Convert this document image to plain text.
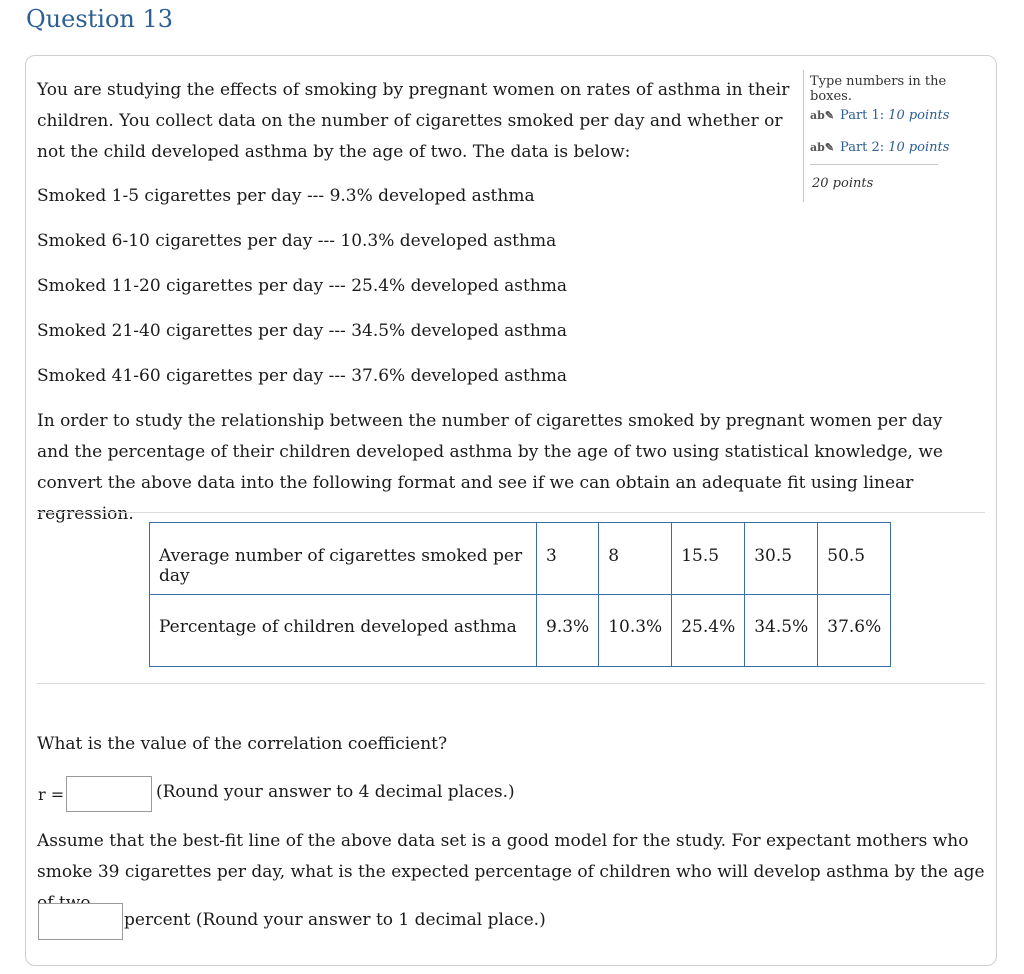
Question 13
You are studying the effects of smoking by pregnant women on rates of asthma in their children. You collect data on the number of cigarettes smoked per day and whether or not the child developed asthma by the age of two. The data is below:
Smoked 1-5 cigarettes per day --- 9.3% developed asthma
Smoked 6-10 cigarettes per day --- 10.3% developed asthma
Smoked 11-20 cigarettes per day --- 25.4% developed asthma
Smoked 21-40 cigarettes per day --- 34.5% developed asthma
Smoked 41-60 cigarettes per day --- 37.6% developed asthma
In order to study the relationship between the number of cigarettes smoked by pregnant women per day and the percentage of their children developed asthma by the age of two using statistical knowledge, we convert the above data into the following format and see if we can obtain an adequate fit using linear regression.
Type numbers in the boxes.
ab✎ Part 1: 10 points
ab✎ Part 2: 10 points
20 points
Average number of cigarettes smoked per day	3	8	15.5	30.5	50.5
Percentage of children developed asthma	9.3%	10.3%	25.4%	34.5%	37.6%
What is the value of the correlation coefficient?
r =	(Round your answer to 4 decimal places.)
Assume that the best-fit line of the above data set is a good model for the study. For expectant mothers who smoke 39 cigarettes per day, what is the expected percentage of children who will develop asthma by the age
percent (Round your answer to 1 decimal place.)
